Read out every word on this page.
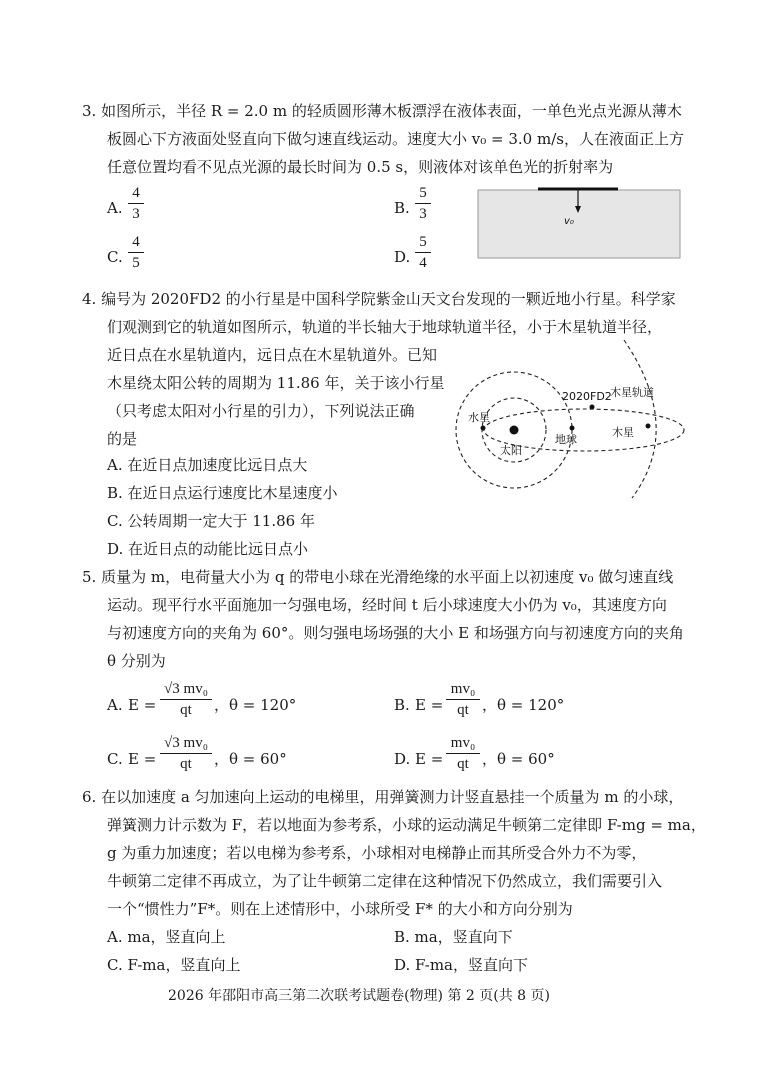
3. 如图所示，半径 R = 2.0 m 的轻质圆形薄木板漂浮在液体表面，一单色光点光源从薄木
板圆心下方液面处竖直向下做匀速直线运动。速度大小 v₀ = 3.0 m/s，人在液面正上方
任意位置均看不见点光源的最长时间为 0.5 s，则液体对该单色光的折射率为
A.
4
3	B.
5
3
C.
4
5	D.
5
4
v₀
4. 编号为 2020FD2 的小行星是中国科学院紫金山天文台发现的一颗近地小行星。科学家
们观测到它的轨道如图所示，轨道的半长轴大于地球轨道半径，小于木星轨道半径，
近日点在水星轨道内，远日点在木星轨道外。已知
木星绕太阳公转的周期为 11.86 年，关于该小行星
（只考虑太阳对小行星的引力），下列说法正确
的是
A. 在近日点加速度比远日点大
B. 在近日点运行速度比木星速度小
C. 公转周期一定大于 11.86 年
D. 在近日点的动能比远日点小
2020FD2
木星轨道
水星
太阳
地球
木星
5. 质量为 m，电荷量大小为 q 的带电小球在光滑绝缘的水平面上以初速度 v₀ 做匀速直线
运动。现平行水平面施加一匀强电场，经时间 t 后小球速度大小仍为 v₀，其速度方向
与初速度方向的夹角为 60°。则匀强电场场强的大小 E 和场强方向与初速度方向的夹角
θ 分别为
A. E =
√3 mv₀
qt	，θ = 120°	B. E =
mv₀
qt ，θ = 120°
C. E =
√3 mv₀
qt	，θ = 60°	D. E =
mv₀
qt ，θ = 60°
6. 在以加速度 a 匀加速向上运动的电梯里，用弹簧测力计竖直悬挂一个质量为 m 的小球，
弹簧测力计示数为 F，若以地面为参考系，小球的运动满足牛顿第二定律即 F-mg = ma，
g 为重力加速度；若以电梯为参考系，小球相对电梯静止而其所受合外力不为零，
牛顿第二定律不再成立，为了让牛顿第二定律在这种情况下仍然成立，我们需要引入
一个“惯性力”F*。则在上述情形中，小球所受 F* 的大小和方向分别为
A. ma，竖直向上	B. ma，竖直向下
C. F-ma，竖直向上	D. F-ma，竖直向下
2026 年邵阳市高三第二次联考试题卷(物理) 第 2 页(共 8 页)
